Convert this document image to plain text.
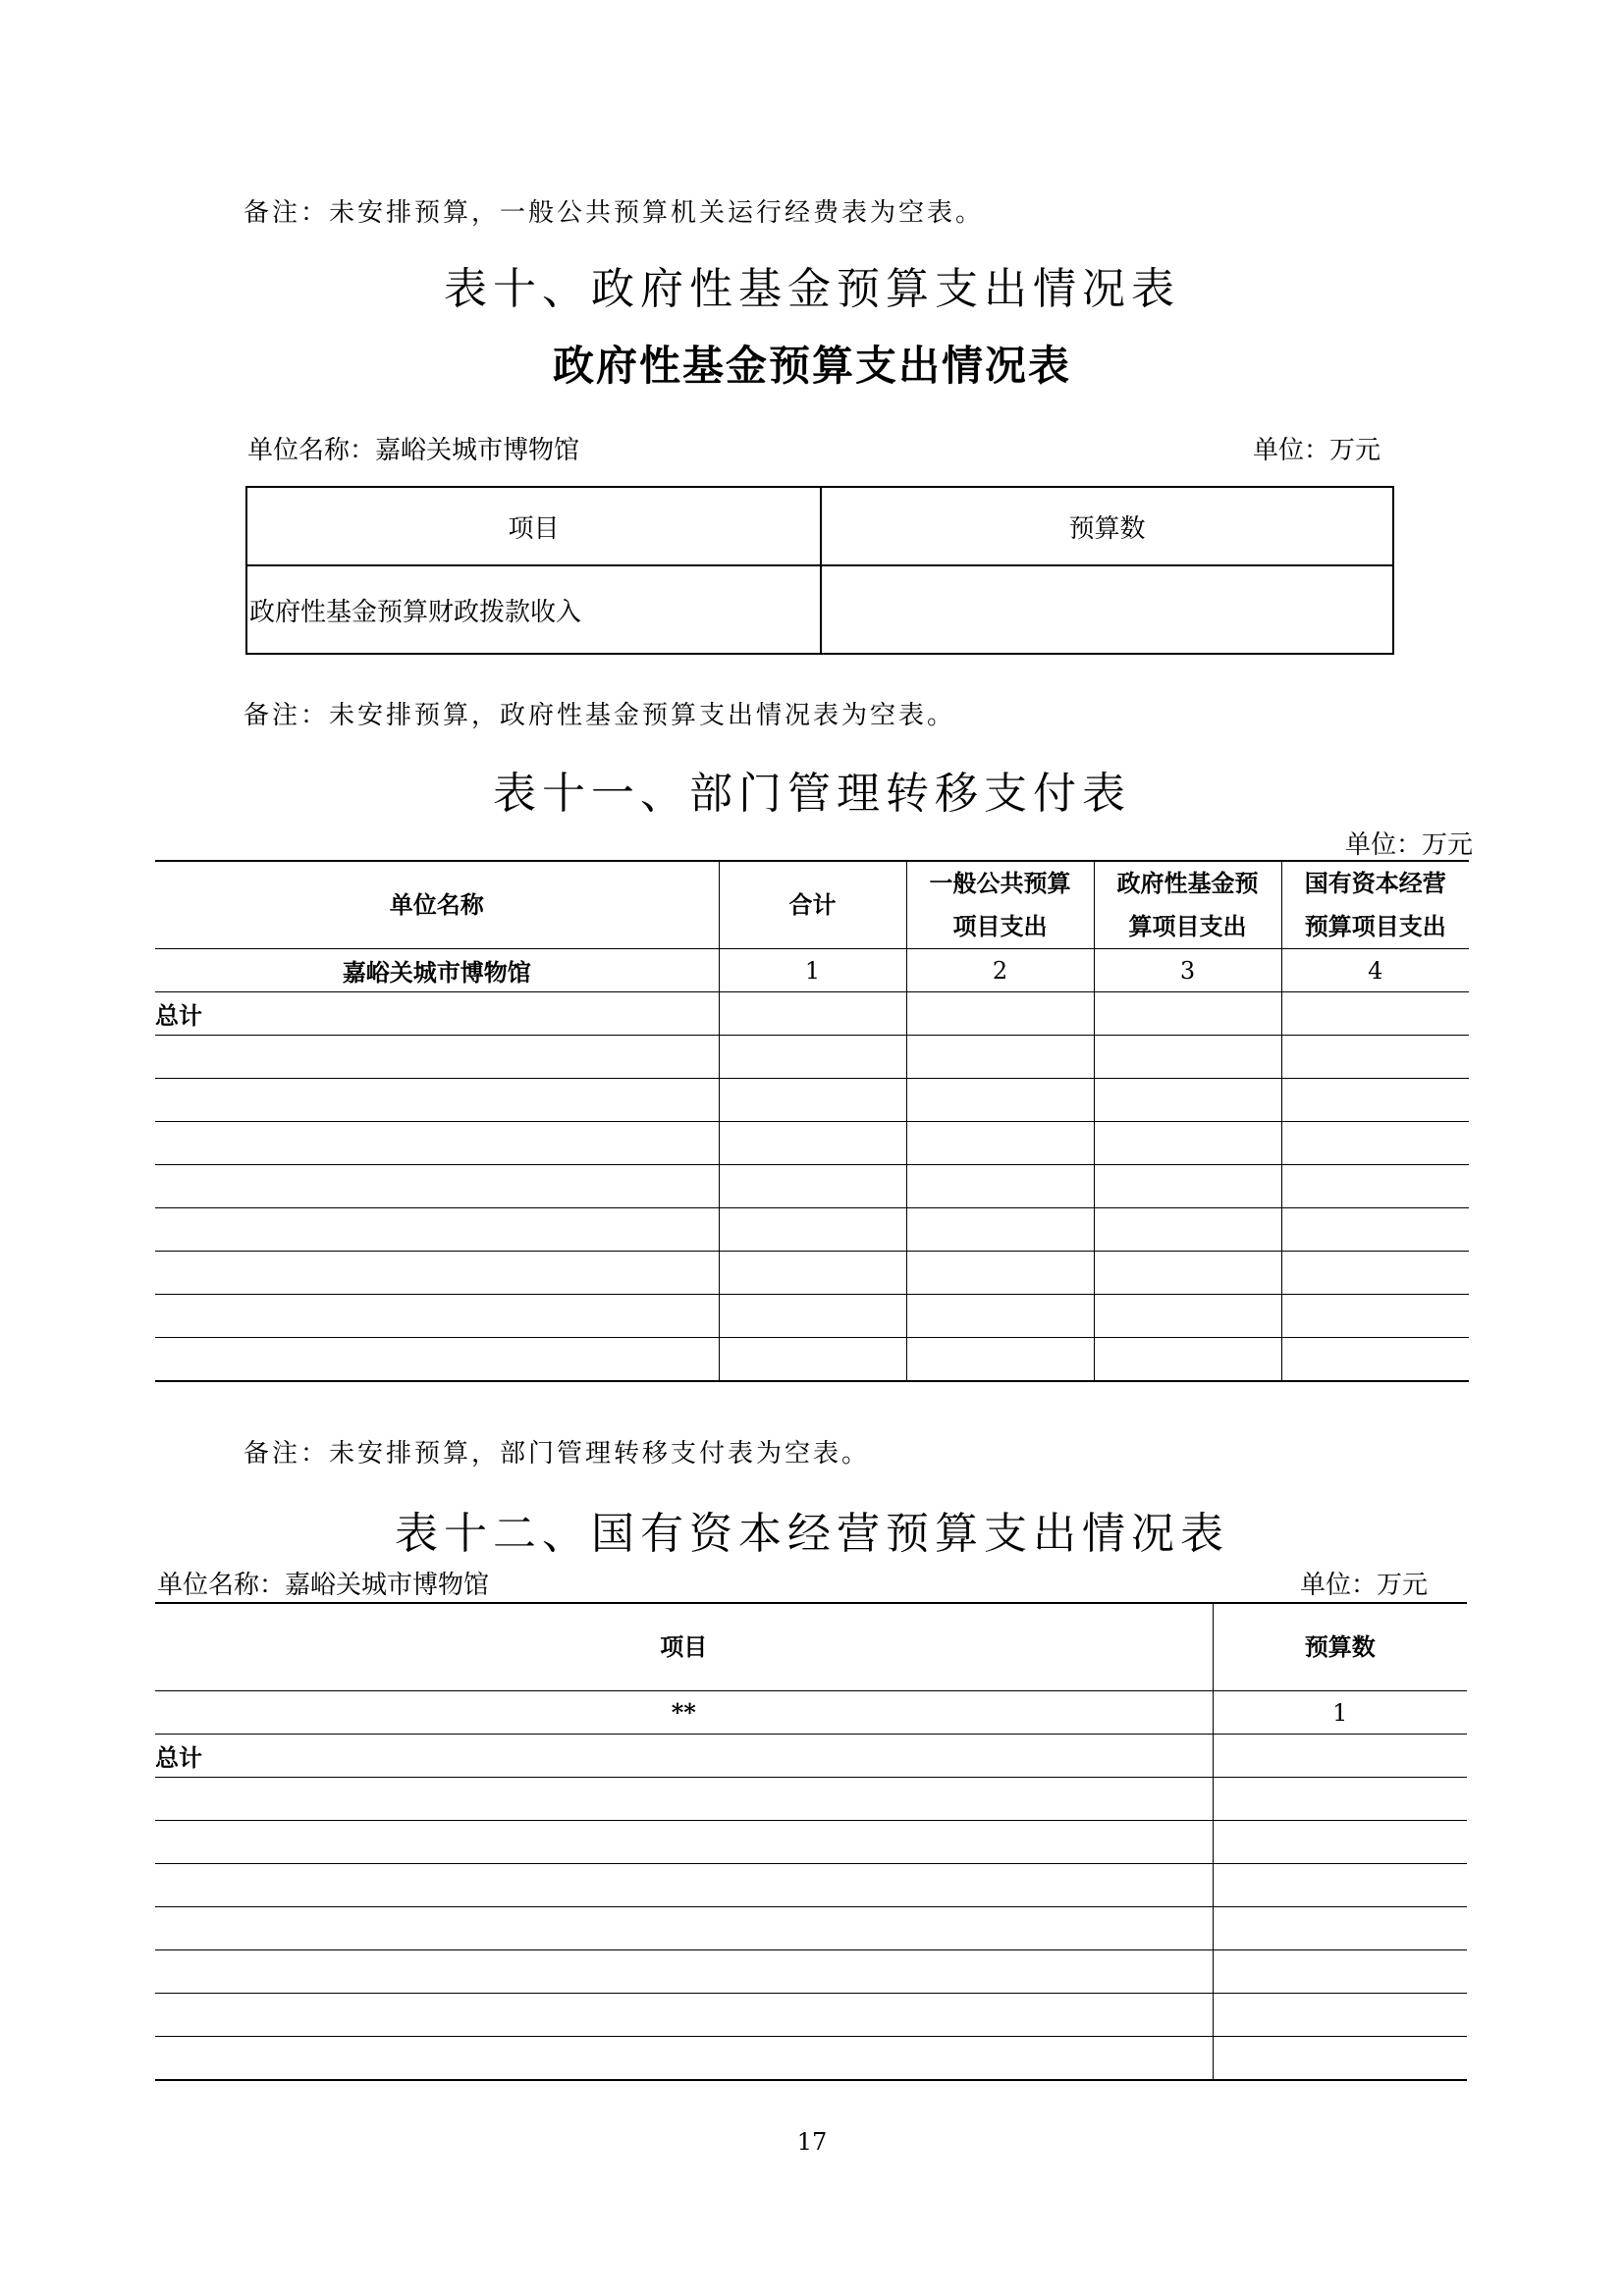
备注：未安排预算，一般公共预算机关运行经费表为空表。
表十、政府性基金预算支出情况表
政府性基金预算支出情况表
单位名称：嘉峪关城市博物馆	单位：万元
项目	预算数
政府性基金预算财政拨款收入	
备注：未安排预算，政府性基金预算支出情况表为空表。
表十一、部门管理转移支付表
单位：万元
单位名称	合计	一般公共预算项目支出	政府性基金预算项目支出	国有资本经营预算项目支出
嘉峪关城市博物馆	1	2	3	4
总计				

备注：未安排预算，部门管理转移支付表为空表。
表十二、国有资本经营预算支出情况表
单位名称：嘉峪关城市博物馆	单位：万元
项目	预算数
**	1
总计	

17
